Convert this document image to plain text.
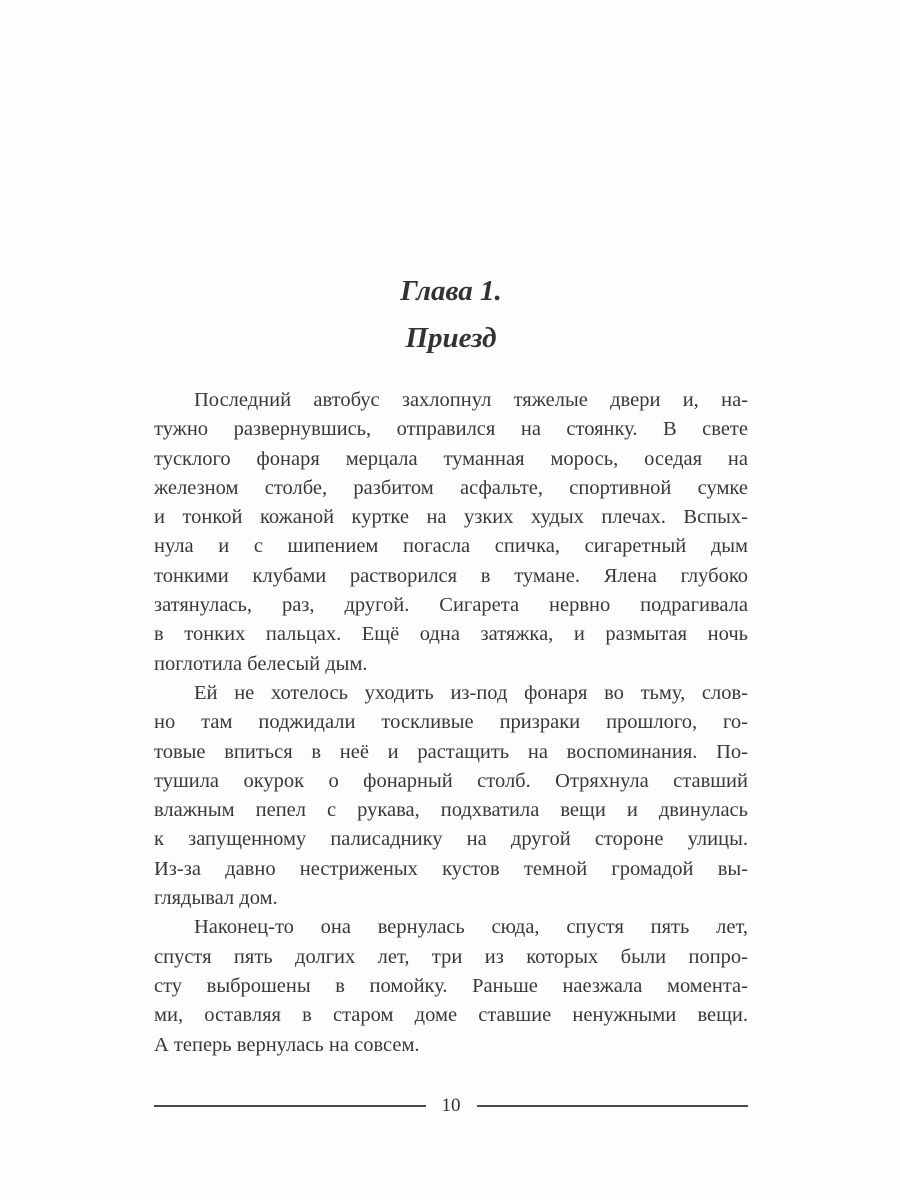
Глава 1.
Приезд

Последний автобус захлопнул тяжелые двери и, на-
тужно развернувшись, отправился на стоянку. В свете
тусклого фонаря мерцала туманная морось, оседая на
железном столбе, разбитом асфальте, спортивной сумке
и тонкой кожаной куртке на узких худых плечах. Вспых-
нула и с шипением погасла спичка, сигаретный дым
тонкими клубами растворился в тумане. Ялена глубоко
затянулась, раз, другой. Сигарета нервно подрагивала
в тонких пальцах. Ещё одна затяжка, и размытая ночь
поглотила белесый дым.

Ей не хотелось уходить из-под фонаря во тьму, слов-
но там поджидали тоскливые призраки прошлого, го-
товые впиться в неё и растащить на воспоминания. По-
тушила окурок о фонарный столб. Отряхнула ставший
влажным пепел с рукава, подхватила вещи и двинулась
к запущенному палисаднику на другой стороне улицы.
Из-за давно нестриженых кустов темной громадой вы-
глядывал дом.

Наконец-то она вернулась сюда, спустя пять лет,
спустя пять долгих лет, три из которых были попро-
сту выброшены в помойку. Раньше наезжала момента-
ми, оставляя в старом доме ставшие ненужными вещи.
А теперь вернулась на совсем.

10
